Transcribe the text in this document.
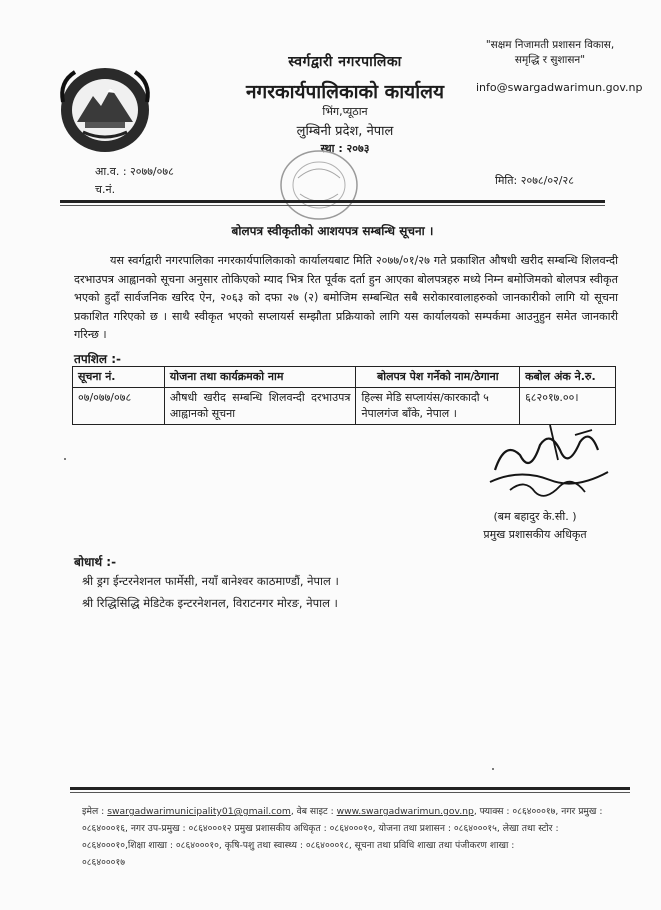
स्वर्गद्वारी नगरपालिका
नगरकार्यपालिकाको कार्यालय
भिंग,प्यूठान
लुम्बिनी प्रदेश, नेपाल
स्था : २०७३
"सक्षम निजामती प्रशासन विकास,
समृद्धि र सुशासन"
info@swargadwarimun.gov.np
आ.व. : २०७७/०७८
च.नं.
मिति: २०७८/०२/२८
बोलपत्र स्वीकृतीको आशयपत्र सम्बन्धि सूचना ।

यस स्वर्गद्वारी नगरपालिका नगरकार्यपालिकाको कार्यालयबाट मिति २०७७/०१/२७ गते प्रकाशित औषधी खरीद सम्बन्धि शिलवन्दी दरभाउपत्र आह्वानको सूचना अनुसार तोकिएको म्याद भित्र रित पूर्वक दर्ता हुन आएका बोलपत्रहरु मध्ये निम्न बमोजिमको बोलपत्र स्वीकृत भएको हुदाँ सार्वजनिक खरिद ऐन, २०६३ को दफा २७ (२) बमोजिम सम्बन्धित सबै सरोकारवालाहरुको जानकारीको लागि यो सूचना प्रकाशित गरिएको छ । साथै स्वीकृत भएको सप्लायर्स सम्झौता प्रक्रियाको लागि यस कार्यालयको सम्पर्कमा आउनुहुन समेत जानकारी गरिन्छ ।

तपशिल :-
सूचना नं.	योजना तथा कार्यक्रमको नाम	बोलपत्र पेश गर्नेको नाम/ठेगाना	कबोल अंक ने.रु.
०७/०७७/०७८	औषधी खरीद सम्बन्धि शिलवन्दी दरभाउपत्र आह्वानको सूचना	हिल्स मेडि सप्लायंस/कारकादौ ५ नेपालगंज बाँके, नेपाल ।	६८२०१७.००।
(बम बहादुर के.सी. )
प्रमुख प्रशासकीय अधिकृत
बोधार्थ :-
श्री ड्रग ईन्टरनेशनल फार्मेसी, नयाँ बानेश्वर काठमाण्डौं, नेपाल ।
श्री रिद्धिसिद्धि मेडिटेक इन्टरनेशनल, विराटनगर मोरङ, नेपाल ।
इमेल : swargadwarimunicipality01@gmail.com, वेब साइट : www.swargadwarimun.gov.np, फ्याक्स : ०८६४०००१७, नगर प्रमुख :
०८६४०००१६, नगर उप-प्रमुख : ०८६४०००१२ प्रमुख प्रशासकीय अधिकृत : ०८६४०००१०, योजना तथा प्रशासन : ०८६४०००१५, लेखा तथा स्टोर :
०८६४०००१०,शिक्षा शाखा : ०८६४०००१०, कृषि-पशु तथा स्वास्थ्य : ०८६४०००१८, सूचना तथा प्रविधि शाखा तथा पंजीकरण शाखा :
०८६४०००१७
